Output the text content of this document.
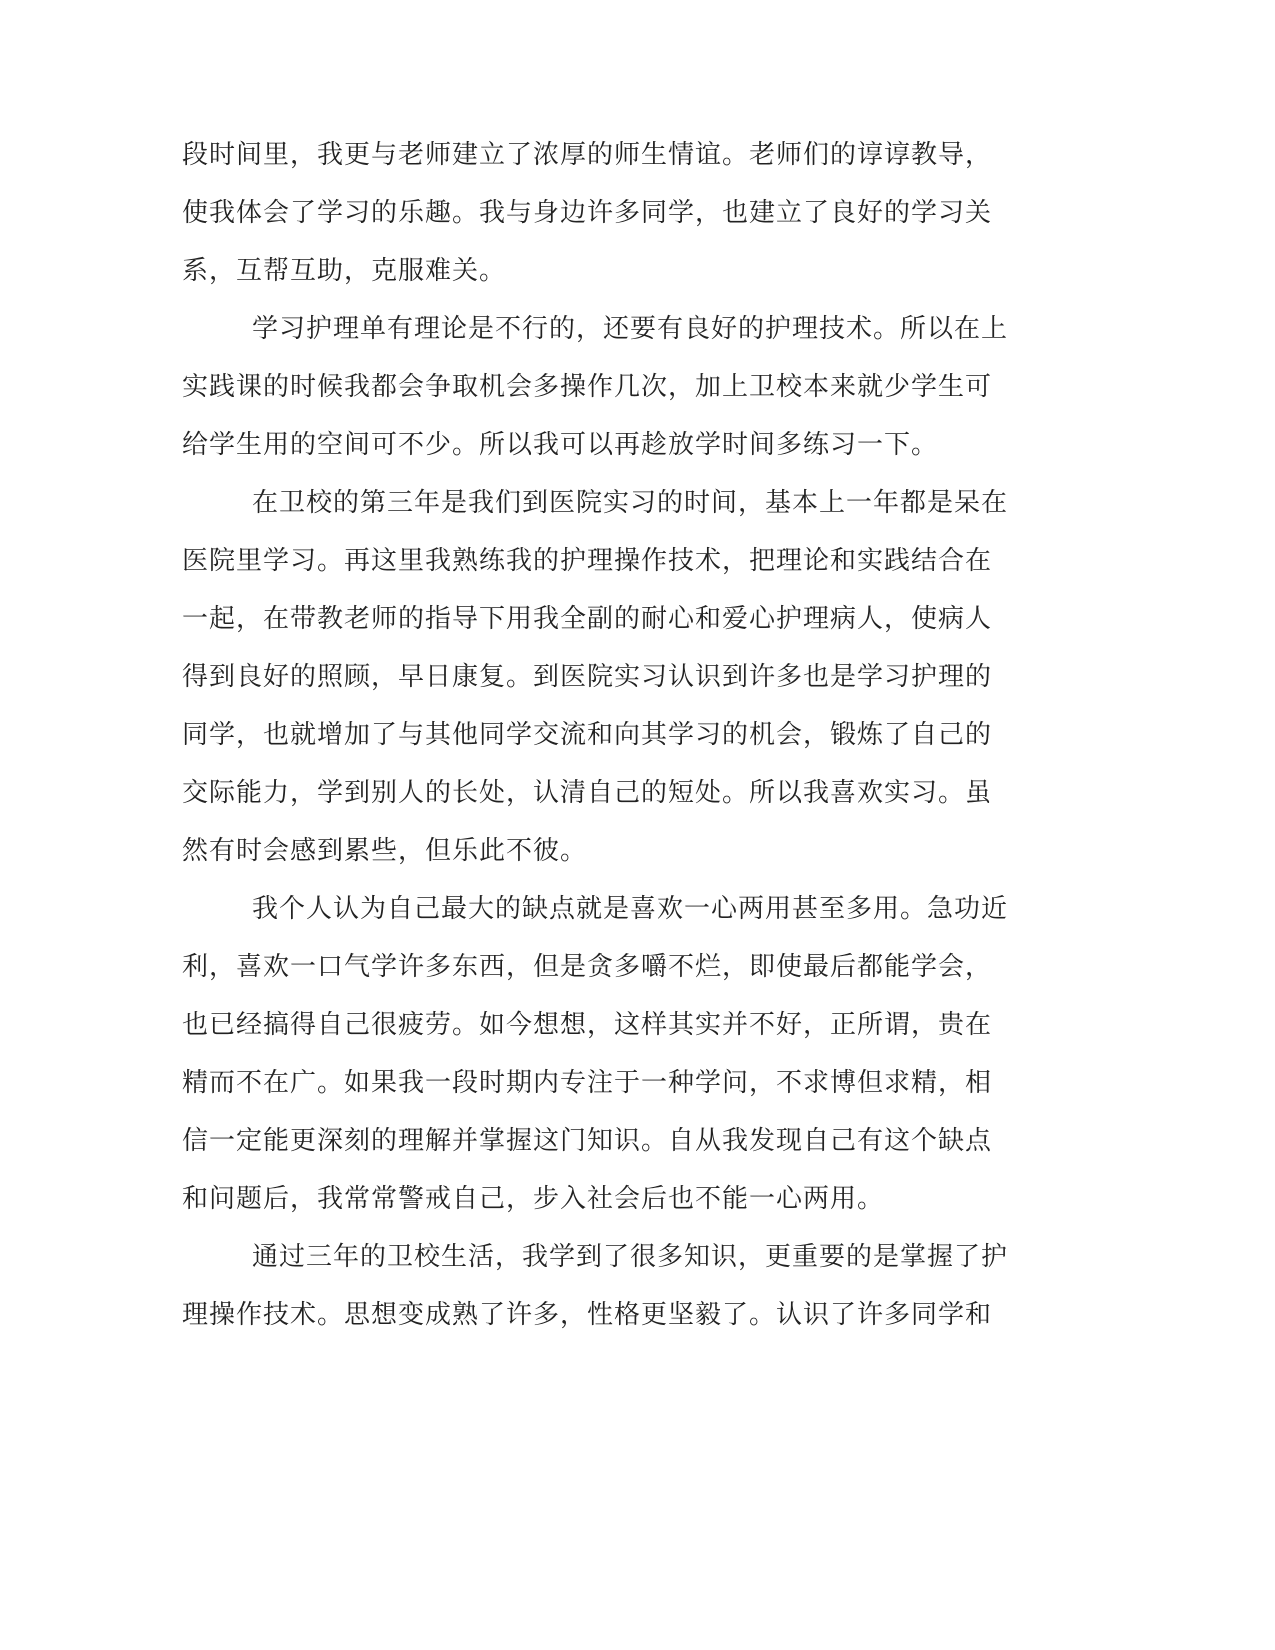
段时间里，我更与老师建立了浓厚的师生情谊。老师们的谆谆教导，
使我体会了学习的乐趣。我与身边许多同学，也建立了良好的学习关
系，互帮互助，克服难关。
学习护理单有理论是不行的，还要有良好的护理技术。所以在上
实践课的时候我都会争取机会多操作几次，加上卫校本来就少学生可
给学生用的空间可不少。所以我可以再趁放学时间多练习一下。
在卫校的第三年是我们到医院实习的时间，基本上一年都是呆在
医院里学习。再这里我熟练我的护理操作技术，把理论和实践结合在
一起，在带教老师的指导下用我全副的耐心和爱心护理病人，使病人
得到良好的照顾，早日康复。到医院实习认识到许多也是学习护理的
同学，也就增加了与其他同学交流和向其学习的机会，锻炼了自己的
交际能力，学到别人的长处，认清自己的短处。所以我喜欢实习。虽
然有时会感到累些，但乐此不彼。
我个人认为自己最大的缺点就是喜欢一心两用甚至多用。急功近
利，喜欢一口气学许多东西，但是贪多嚼不烂，即使最后都能学会，
也已经搞得自己很疲劳。如今想想，这样其实并不好，正所谓，贵在
精而不在广。如果我一段时期内专注于一种学问，不求博但求精，相
信一定能更深刻的理解并掌握这门知识。自从我发现自己有这个缺点
和问题后，我常常警戒自己，步入社会后也不能一心两用。
通过三年的卫校生活，我学到了很多知识，更重要的是掌握了护
理操作技术。思想变成熟了许多，性格更坚毅了。认识了许多同学和
